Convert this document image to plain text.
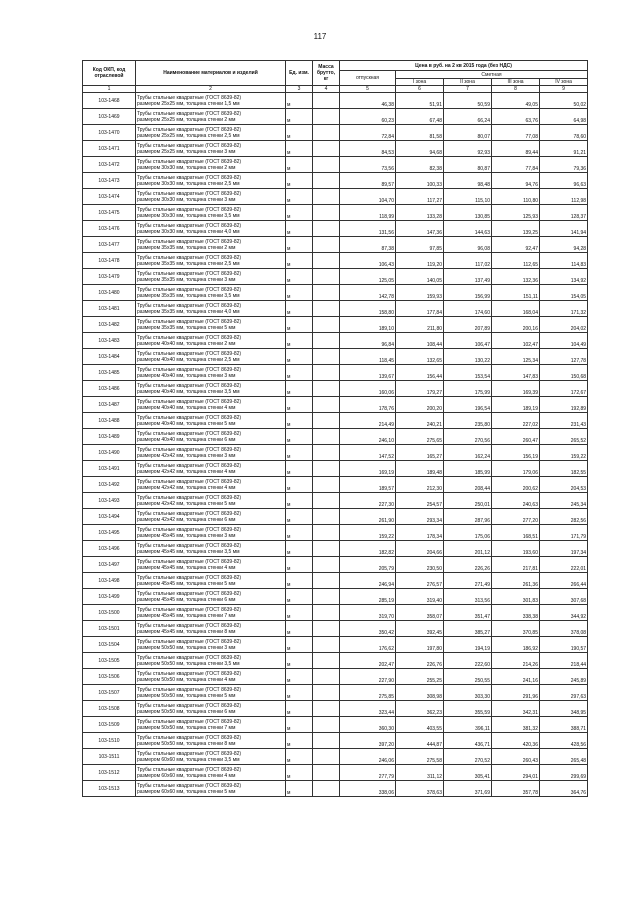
117
Код ОКП, код отраслевой	Наименование материалов и изделий	Ед. изм.	Масса брутто, кг	Цена в руб. на 2 кв 2015 года (без НДС)				
				отпускная	Сметная			
					I зона	II зона	III зона	IV зона
1	2	3	4	5	6	7	8	9
103-1468	Трубы стальные квадратные (ГОСТ 8639-82)
размером 25x25 мм, толщина стенки 1,5 мм	м		46,38	51,91	50,59	49,05	50,02
103-1469	Трубы стальные квадратные (ГОСТ 8639-82)
размером 25x25 мм, толщина стенки 2 мм	м		60,23	67,48	66,24	63,76	64,98
103-1470	Трубы стальные квадратные (ГОСТ 8639-82)
размером 25x25 мм, толщина стенки 2,5 мм	м		72,84	81,58	80,07	77,08	78,60
103-1471	Трубы стальные квадратные (ГОСТ 8639-82)
размером 25x25 мм, толщина стенки 3 мм	м		84,53	94,68	92,93	89,44	91,21
103-1472	Трубы стальные квадратные (ГОСТ 8639-82)
размером 30x30 мм, толщина стенки 2 мм	м		73,56	82,38	80,87	77,84	79,36
103-1473	Трубы стальные квадратные (ГОСТ 8639-82)
размером 30x30 мм, толщина стенки 2,5 мм	м		89,57	100,33	98,48	94,76	96,63
103-1474	Трубы стальные квадратные (ГОСТ 8639-82)
размером 30x30 мм, толщина стенки 3 мм	м		104,70	117,27	115,10	110,80	112,98
103-1475	Трубы стальные квадратные (ГОСТ 8639-82)
размером 30x30 мм, толщина стенки 3,5 мм	м		118,99	133,28	130,85	125,93	128,37
103-1476	Трубы стальные квадратные (ГОСТ 8639-82)
размером 30x30 мм, толщина стенки 4,0 мм	м		131,56	147,36	144,63	139,25	141,94
103-1477	Трубы стальные квадратные (ГОСТ 8639-82)
размером 35x35 мм, толщина стенки 2 мм	м		87,38	97,85	96,08	92,47	94,28
103-1478	Трубы стальные квадратные (ГОСТ 8639-82)
размером 35x35 мм, толщина стенки 2,5 мм	м		106,43	119,20	117,02	112,65	114,83
103-1479	Трубы стальные квадратные (ГОСТ 8639-82)
размером 35x35 мм, толщина стенки 3 мм	м		125,05	140,05	137,49	132,36	134,92
103-1480	Трубы стальные квадратные (ГОСТ 8639-82)
размером 35x35 мм, толщина стенки 3,5 мм	м		142,78	159,93	156,99	151,11	154,05
103-1481	Трубы стальные квадратные (ГОСТ 8639-82)
размером 35x35 мм, толщина стенки 4,0 мм	м		158,80	177,84	174,60	168,04	171,32
103-1482	Трубы стальные квадратные (ГОСТ 8639-82)
размером 35x35 мм, толщина стенки 5 мм	м		189,10	211,80	207,89	200,16	204,02
103-1483	Трубы стальные квадратные (ГОСТ 8639-82)
размером 40x40 мм, толщина стенки 2 мм	м		96,84	108,44	106,47	102,47	104,49
103-1484	Трубы стальные квадратные (ГОСТ 8639-82)
размером 40x40 мм, толщина стенки 2,5 мм	м		118,45	132,65	130,22	125,34	127,78
103-1485	Трубы стальные квадратные (ГОСТ 8639-82)
размером 40x40 мм, толщина стенки 3 мм	м		139,67	156,44	153,54	147,83	150,68
103-1486	Трубы стальные квадратные (ГОСТ 8639-82)
размером 40x40 мм, толщина стенки 3,5 мм	м		160,06	179,27	175,99	169,39	172,67
103-1487	Трубы стальные квадратные (ГОСТ 8639-82)
размером 40x40 мм, толщина стенки 4 мм	м		178,76	200,20	196,54	189,19	192,89
103-1488	Трубы стальные квадратные (ГОСТ 8639-82)
размером 40x40 мм, толщина стенки 5 мм	м		214,49	240,21	235,80	227,02	231,43
103-1489	Трубы стальные квадратные (ГОСТ 8639-82)
размером 40x40 мм, толщина стенки 6 мм	м		246,10	275,65	270,56	260,47	265,52
103-1490	Трубы стальные квадратные (ГОСТ 8639-82)
размером 42x42 мм, толщина стенки 3 мм	м		147,52	165,27	162,24	156,19	159,22
103-1491	Трубы стальные квадратные (ГОСТ 8639-82)
размером 42x42 мм, толщина стенки 4 мм	м		169,19	189,48	185,99	179,06	182,55
103-1492	Трубы стальные квадратные (ГОСТ 8639-82)
размером 42x42 мм, толщина стенки 4 мм	м		189,57	212,30	208,44	200,62	204,53
103-1493	Трубы стальные квадратные (ГОСТ 8639-82)
размером 42x42 мм, толщина стенки 5 мм	м		227,30	254,57	250,01	240,63	245,34
103-1494	Трубы стальные квадратные (ГОСТ 8639-82)
размером 42x42 мм, толщина стенки 6 мм	м		261,90	293,34	287,96	277,20	282,56
103-1495	Трубы стальные квадратные (ГОСТ 8639-82)
размером 45x45 мм, толщина стенки 3 мм	м		159,22	178,34	175,06	168,51	171,79
103-1496	Трубы стальные квадратные (ГОСТ 8639-82)
размером 45x45 мм, толщина стенки 3,5 мм	м		182,82	204,66	201,12	193,60	197,34
103-1497	Трубы стальные квадратные (ГОСТ 8639-82)
размером 45x45 мм, толщина стенки 4 мм	м		205,79	230,50	226,26	217,81	222,01
103-1498	Трубы стальные квадратные (ГОСТ 8639-82)
размером 45x45 мм, толщина стенки 5 мм	м		246,94	276,57	271,49	261,36	266,44
103-1499	Трубы стальные квадратные (ГОСТ 8639-82)
размером 45x45 мм, толщина стенки 6 мм	м		285,19	319,40	313,56	301,83	307,68
103-1500	Трубы стальные квадратные (ГОСТ 8639-82)
размером 45x45 мм, толщина стенки 7 мм	м		319,70	358,07	351,47	338,38	344,92
103-1501	Трубы стальные квадратные (ГОСТ 8639-82)
размером 45x45 мм, толщина стенки 8 мм	м		350,42	392,45	385,27	370,85	378,08
103-1504	Трубы стальные квадратные (ГОСТ 8639-82)
размером 50x50 мм, толщина стенки 3 мм	м		176,62	197,80	194,19	186,92	190,57
103-1505	Трубы стальные квадратные (ГОСТ 8639-82)
размером 50x50 мм, толщина стенки 3,5 мм	м		202,47	226,76	222,60	214,26	218,44
103-1506	Трубы стальные квадратные (ГОСТ 8639-82)
размером 50x50 мм, толщина стенки 4 мм	м		227,90	255,25	250,55	241,16	245,89
103-1507	Трубы стальные квадратные (ГОСТ 8639-82)
размером 50x50 мм, толщина стенки 5 мм	м		275,85	308,98	303,30	291,96	297,63
103-1508	Трубы стальные квадратные (ГОСТ 8639-82)
размером 50x50 мм, толщина стенки 6 мм	м		323,44	362,23	355,59	342,31	348,95
103-1509	Трубы стальные квадратные (ГОСТ 8639-82)
размером 50x50 мм, толщина стенки 7 мм	м		360,30	403,55	396,11	381,32	388,71
103-1510	Трубы стальные квадратные (ГОСТ 8639-82)
размером 50x50 мм, толщина стенки 8 мм	м		397,20	444,87	436,71	420,36	428,56
103-1511	Трубы стальные квадратные (ГОСТ 8639-82)
размером 60x60 мм, толщина стенки 3,5 мм	м		246,06	275,58	270,52	260,43	265,48
103-1512	Трубы стальные квадратные (ГОСТ 8639-82)
размером 60x60 мм, толщина стенки 4 мм	м		277,79	311,12	305,41	294,01	299,69
103-1513	Трубы стальные квадратные (ГОСТ 8639-82)
размером 60x60 мм, толщина стенки 5 мм	м		338,06	378,63	371,69	357,78	364,76
